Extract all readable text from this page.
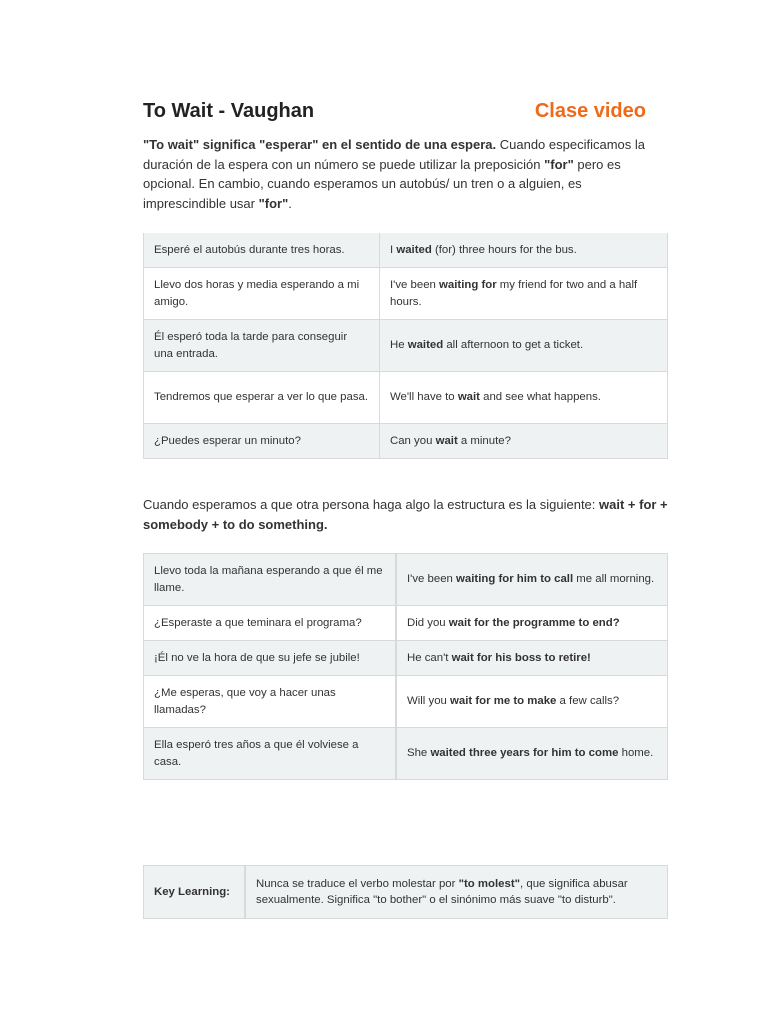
To Wait - Vaughan	Clase video

"To wait" significa "esperar" en el sentido de una espera. Cuando especificamos la duración de la espera con un número se puede utilizar la preposición "for" pero es opcional. En cambio, cuando esperamos un autobús/ un tren o a alguien, es imprescindible usar "for".

Esperé el autobús durante tres horas.	I waited (for) three hours for the bus.
Llevo dos horas y media esperando a mi amigo.	I've been waiting for my friend for two and a half hours.
Él esperó toda la tarde para conseguir una entrada.	He waited all afternoon to get a ticket.
Tendremos que esperar a ver lo que pasa.	We'll have to wait and see what happens.
¿Puedes esperar un minuto?	Can you wait a minute?

Cuando esperamos a que otra persona haga algo la estructura es la siguiente: wait + for + somebody + to do something.

Llevo toda la mañana esperando a que él me llame.	I've been waiting for him to call me all morning.
¿Esperaste a que teminara el programa?	Did you wait for the programme to end?
¡Él no ve la hora de que su jefe se jubile!	He can't wait for his boss to retire!
¿Me esperas, que voy a hacer unas llamadas?	Will you wait for me to make a few calls?
Ella esperó tres años a que él volviese a casa.	She waited three years for him to come home.
Key Learning:	Nunca se traduce el verbo molestar por "to molest", que significa abusar sexualmente. Significa "to bother" o el sinónimo más suave "to disturb".
